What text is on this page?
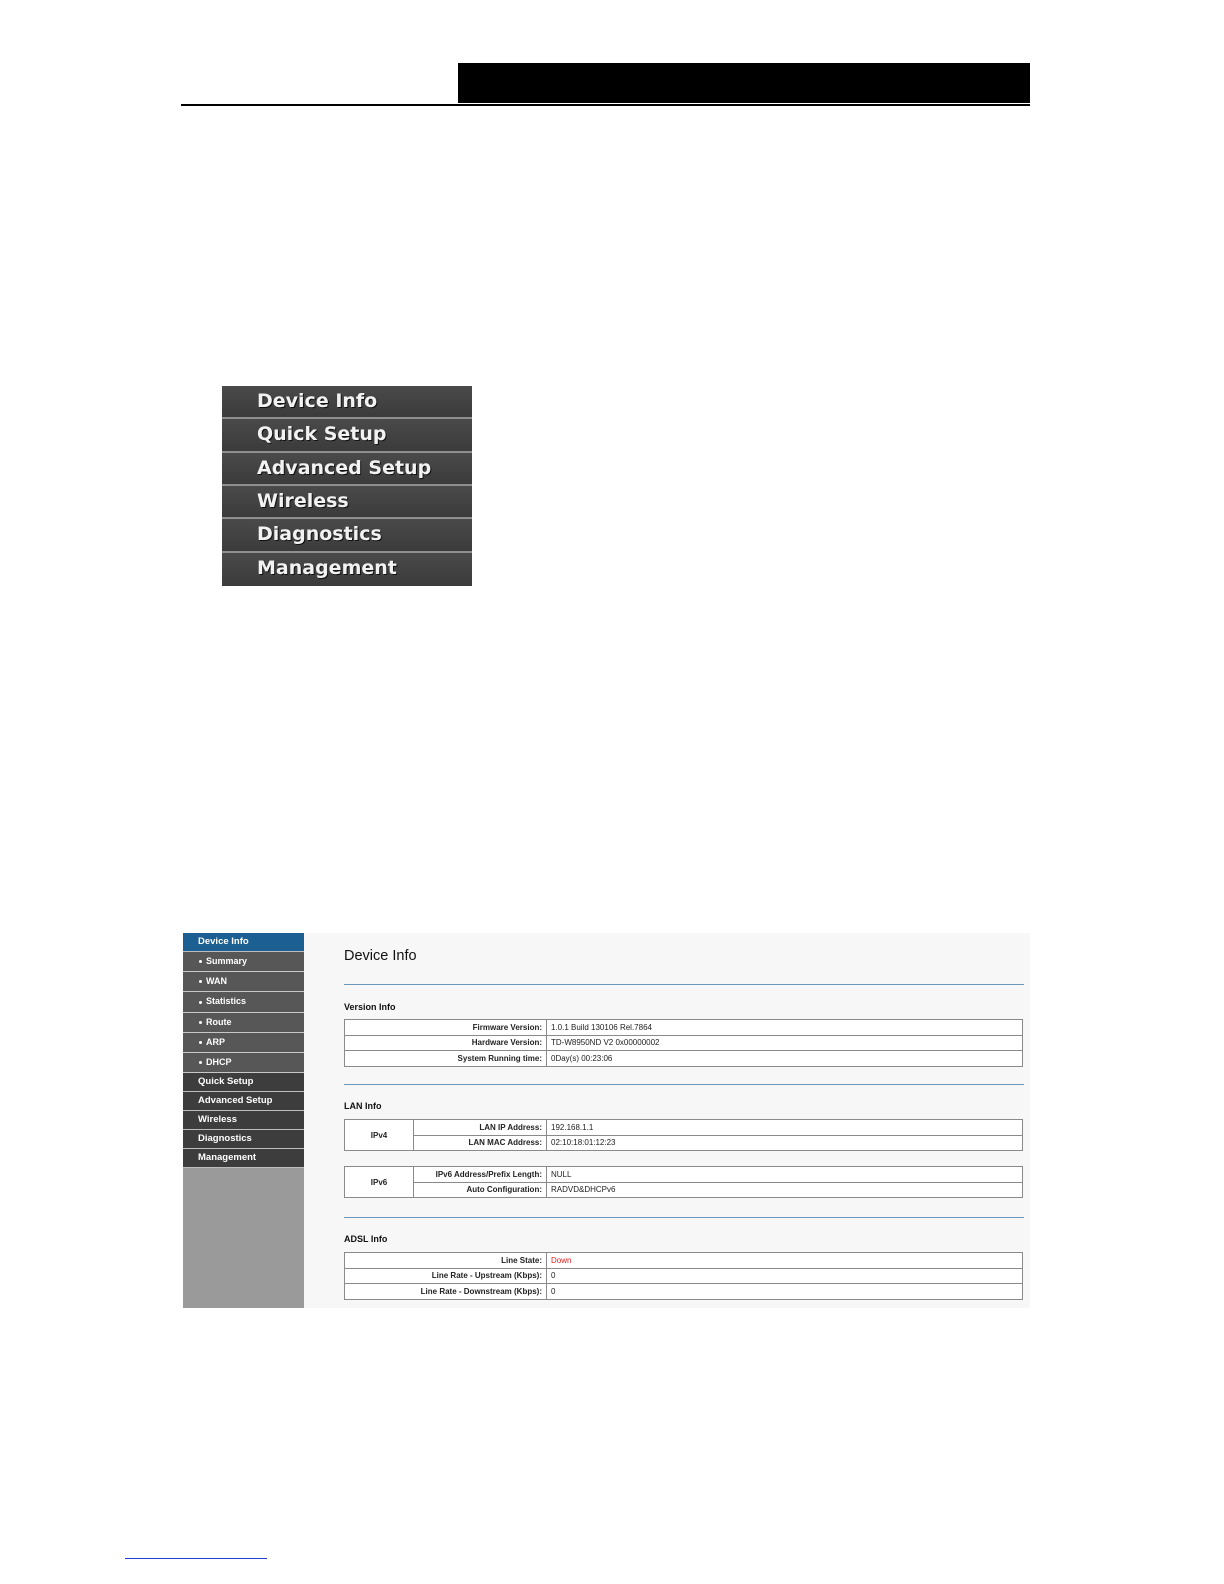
Device Info
Quick Setup
Advanced Setup
Wireless
Diagnostics
Management
Device Info
Summary
WAN
Statistics
Route
ARP
DHCP
Quick Setup
Advanced Setup
Wireless
Diagnostics
Management
Device Info
Version Info
Firmware Version:	1.0.1 Build 130106 Rel.7864
Hardware Version:	TD-W8950ND V2 0x00000002
System Running time:	0Day(s) 00:23:06
LAN Info
IPv4	LAN IP Address:	192.168.1.1
	LAN MAC Address:	02:10:18:01:12:23
IPv6	IPv6 Address/Prefix Length:	NULL
	Auto Configuration:	RADVD&DHCPv6
ADSL Info
Line State:	Down
Line Rate - Upstream (Kbps):	0
Line Rate - Downstream (Kbps):	0
